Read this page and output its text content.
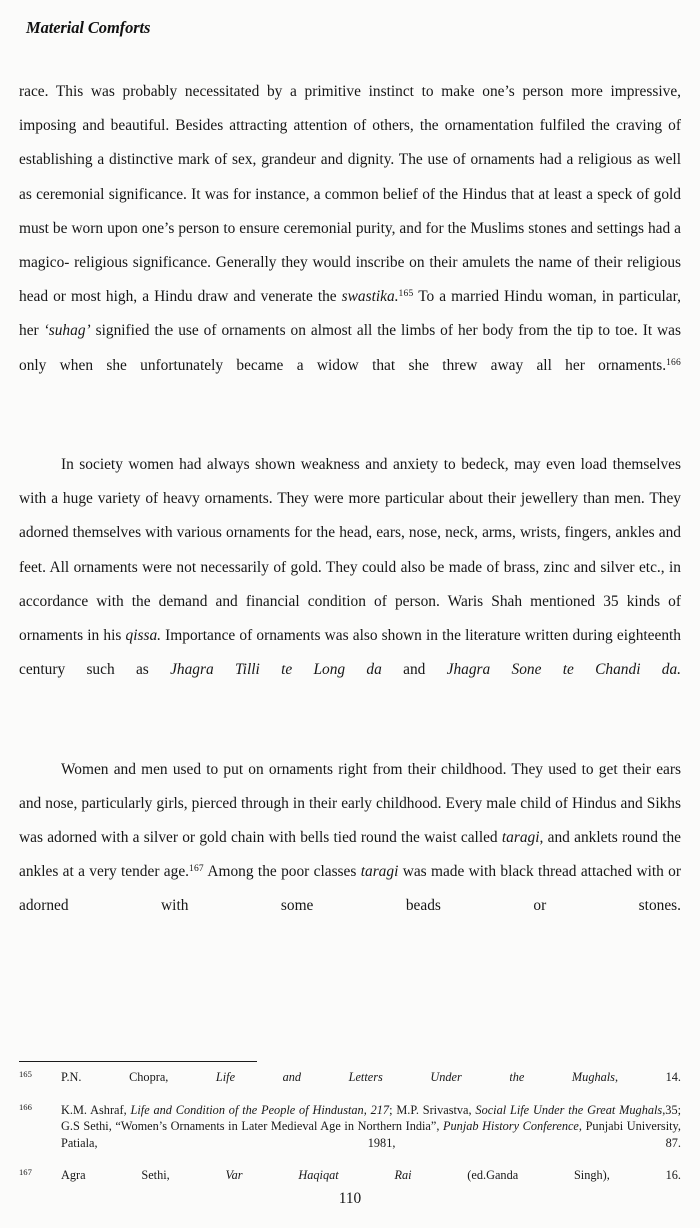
Material Comforts

race. This was probably necessitated by a primitive instinct to make one’s person more impressive, imposing and beautiful. Besides attracting attention of others, the ornamentation fulfiled the craving of establishing a distinctive mark of sex, grandeur and dignity. The use of ornaments had a religious as well as ceremonial significance. It was for instance, a common belief of the Hindus that at least a speck of gold must be worn upon one’s person to ensure ceremonial purity, and for the Muslims stones and settings had a magico- religious significance. Generally they would inscribe on their amulets the name of their religious head or most high, a Hindu draw and venerate the swastika.$^{165}$ To a married Hindu woman, in particular, her ‘suhag’ signified the use of ornaments on almost all the limbs of her body from the tip to toe. It was only when she unfortunately became a widow that she threw away all her ornaments.$^{166}$

In society women had always shown weakness and anxiety to bedeck, may even load themselves with a huge variety of heavy ornaments. They were more particular about their jewellery than men. They adorned themselves with various ornaments for the head, ears, nose, neck, arms, wrists, fingers, ankles and feet. All ornaments were not necessarily of gold. They could also be made of brass, zinc and silver etc., in accordance with the demand and financial condition of person. Waris Shah mentioned 35 kinds of ornaments in his qissa. Importance of ornaments was also shown in the literature written during eighteenth century such as Jhagra Tilli te Long da and Jhagra Sone te Chandi da.

Women and men used to put on ornaments right from their childhood. They used to get their ears and nose, particularly girls, pierced through in their early childhood. Every male child of Hindus and Sikhs was adorned with a silver or gold chain with bells tied round the waist called taragi, and anklets round the ankles at a very tender age.$^{167}$ Among the poor classes taragi was made with black thread attached with or adorned with some beads or stones.

165	P.N. Chopra, Life and Letters Under the Mughals, 14.
166	K.M. Ashraf, Life and Condition of the People of Hindustan, 217; M.P. Srivastva, Social Life Under the Great Mughals,35; G.S Sethi, “Women’s Ornaments in Later Medieval Age in Northern India”, Punjab History Conference, Punjabi University, Patiala, 1981, 87.
167	Agra Sethi, Var Haqiqat Rai (ed.Ganda Singh), 16.
110
